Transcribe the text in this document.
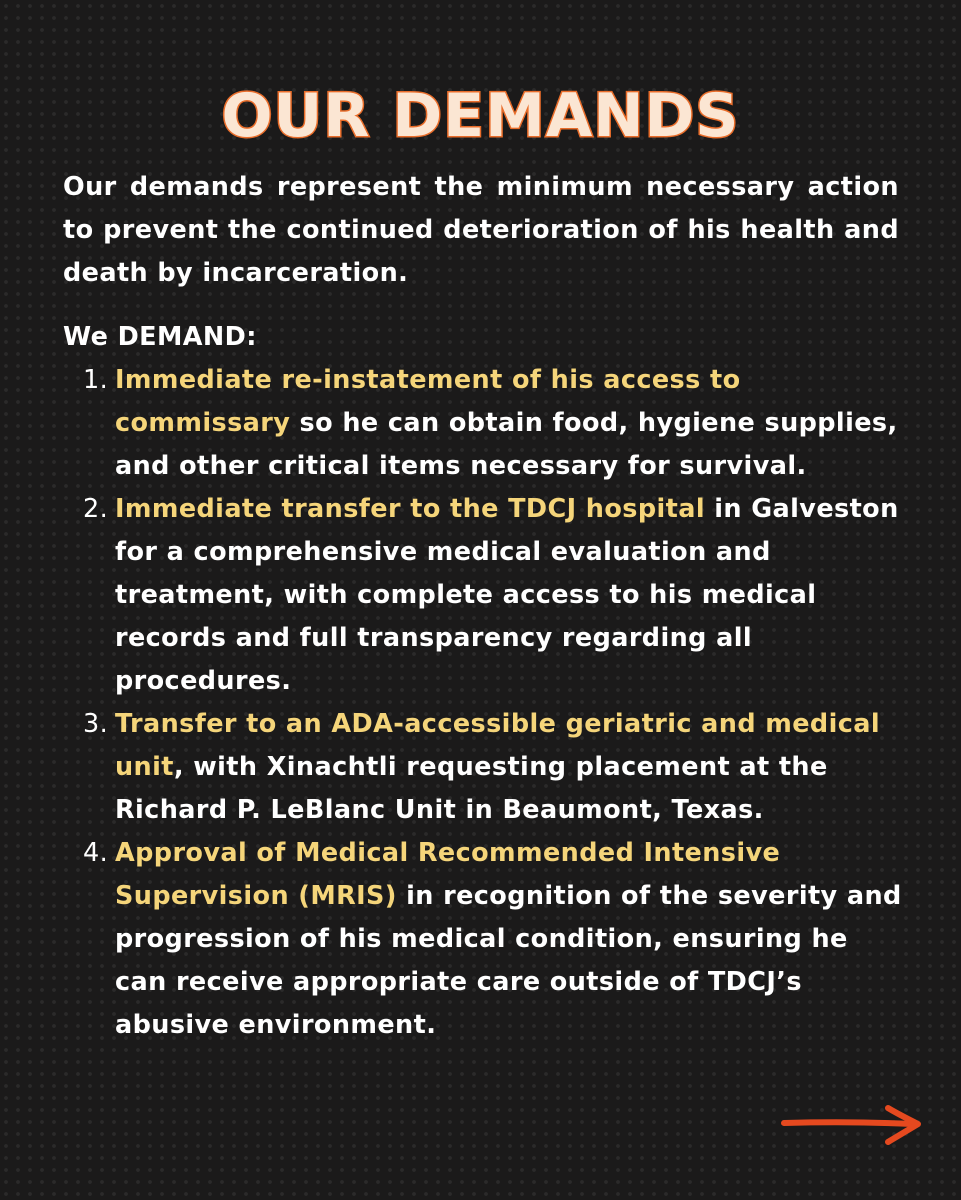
OUR DEMANDS

Our demands represent the minimum necessary action to prevent the continued deterioration of his health and death by incarceration.

We DEMAND:
1. Immediate re-instatement of his access to commissary so he can obtain food, hygiene supplies, and other critical items necessary for survival.
2. Immediate transfer to the TDCJ hospital in Galveston for a comprehensive medical evaluation and treatment, with complete access to his medical records and full transparency regarding all procedures.
3. Transfer to an ADA-accessible geriatric and medical unit, with Xinachtli requesting placement at the Richard P. LeBlanc Unit in Beaumont, Texas.
4. Approval of Medical Recommended Intensive Supervision (MRIS) in recognition of the severity and progression of his medical condition, ensuring he can receive appropriate care outside of TDCJ’s abusive environment.
